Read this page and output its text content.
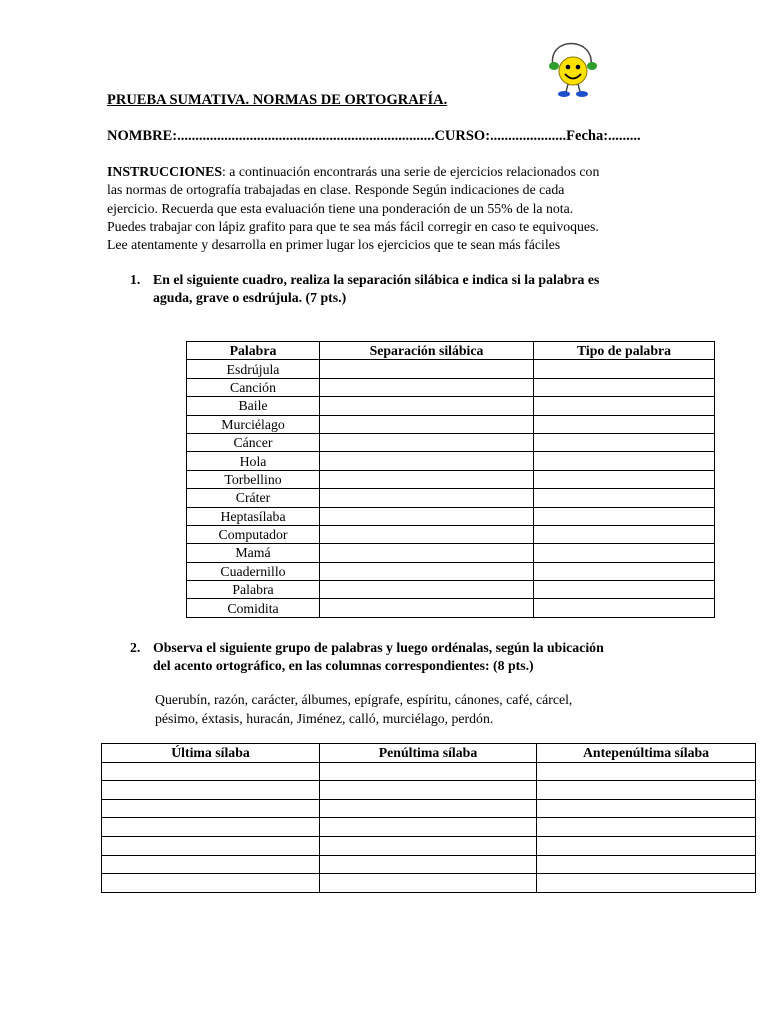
PRUEBA SUMATIVA. NORMAS DE ORTOGRAFÍA.
NOMBRE:.......................................................................CURSO:.....................Fecha:.........
INSTRUCCIONES: a continuación encontrarás una serie de ejercicios relacionados con
las normas de ortografía trabajadas en clase. Responde Según indicaciones de cada
ejercicio. Recuerda que esta evaluación tiene una ponderación de un 55% de la nota.
Puedes trabajar con lápiz grafito para que te sea más fácil corregir en caso te equivoques.
Lee atentamente y desarrolla en primer lugar los ejercicios que te sean más fáciles
1. En el siguiente cuadro, realiza la separación silábica e indica si la palabra es
aguda, grave o esdrújula. (7 pts.)
Palabra	Separación silábica	Tipo de palabra
Esdrújula		
Canción		
Baile		
Murciélago		
Cáncer		
Hola		
Torbellino		
Cráter		
Heptasílaba		
Computador		
Mamá		
Cuadernillo		
Palabra		
Comidita		
2. Observa el siguiente grupo de palabras y luego ordénalas, según la ubicación
del acento ortográfico, en las columnas correspondientes: (8 pts.)
Querubín, razón, carácter, álbumes, epígrafe, espíritu, cánones, café, cárcel,
pésimo, éxtasis, huracán, Jiménez, calló, murciélago, perdón.
Última sílaba	Penúltima sílaba	Antepenúltima sílaba
